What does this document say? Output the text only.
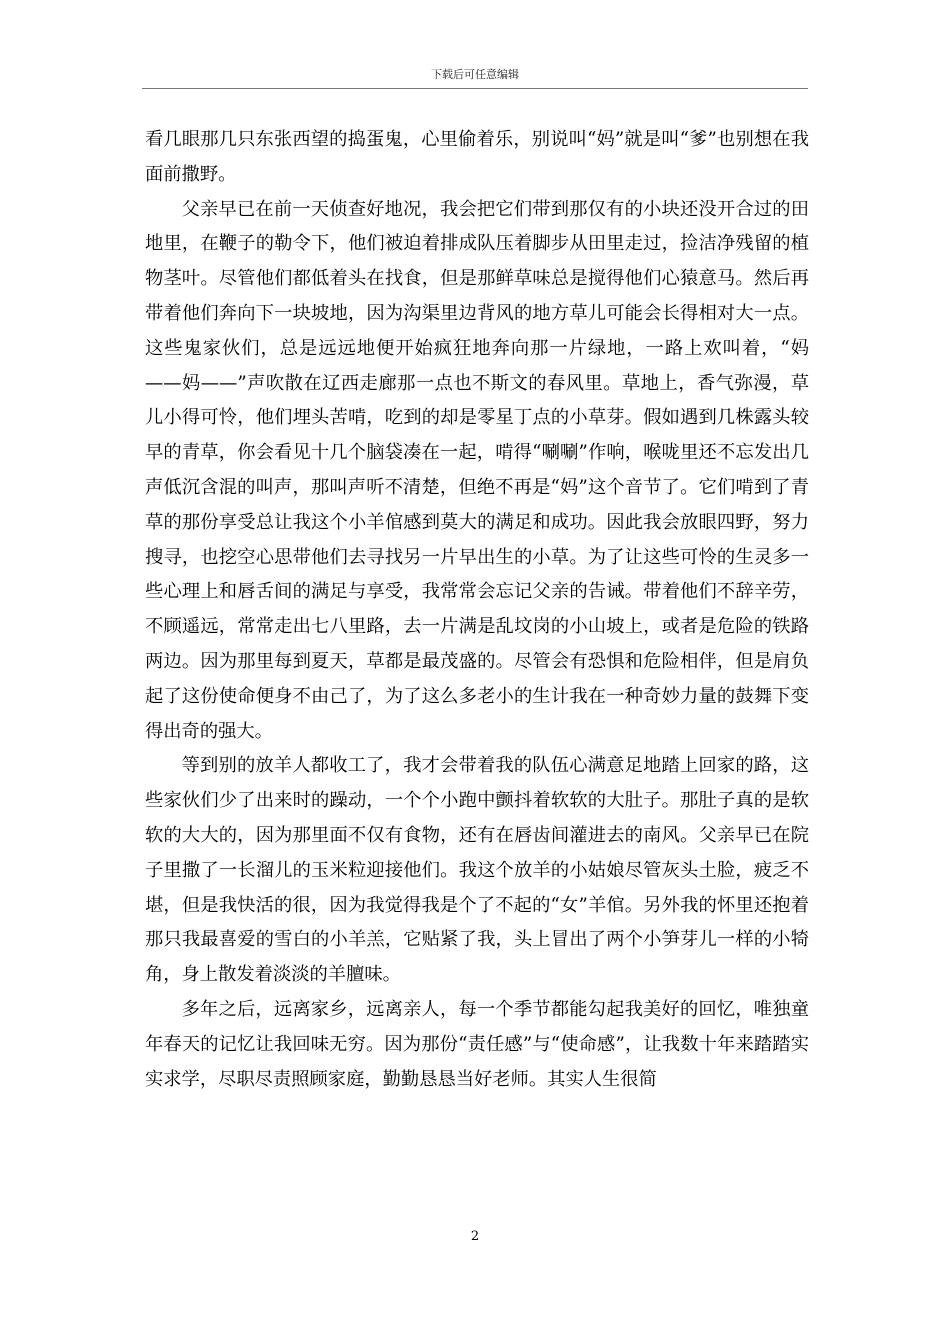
下载后可任意编辑

看几眼那几只东张西望的捣蛋鬼，心里偷着乐，别说叫“妈”就是叫“爹”也别想在我面前撒野。

父亲早已在前一天侦查好地况，我会把它们带到那仅有的小块还没开合过的田地里，在鞭子的勒令下，他们被迫着排成队压着脚步从田里走过，捡洁净残留的植物茎叶。尽管他们都低着头在找食，但是那鲜草味总是搅得他们心猿意马。然后再带着他们奔向下一块坡地，因为沟渠里边背风的地方草儿可能会长得相对大一点。这些鬼家伙们，总是远远地便开始疯狂地奔向那一片绿地，一路上欢叫着，“妈——妈——”声吹散在辽西走廊那一点也不斯文的春风里。草地上，香气弥漫，草儿小得可怜，他们埋头苦啃，吃到的却是零星丁点的小草芽。假如遇到几株露头较早的青草，你会看见十几个脑袋凑在一起，啃得“唰唰”作响，喉咙里还不忘发出几声低沉含混的叫声，那叫声听不清楚，但绝不再是“妈”这个音节了。它们啃到了青草的那份享受总让我这个小羊倌感到莫大的满足和成功。因此我会放眼四野，努力搜寻，也挖空心思带他们去寻找另一片早出生的小草。为了让这些可怜的生灵多一些心理上和唇舌间的满足与享受，我常常会忘记父亲的告诫。带着他们不辞辛劳，不顾遥远，常常走出七八里路，去一片满是乱坟岗的小山坡上，或者是危险的铁路两边。因为那里每到夏天，草都是最茂盛的。尽管会有恐惧和危险相伴，但是肩负起了这份使命便身不由己了，为了这么多老小的生计我在一种奇妙力量的鼓舞下变得出奇的强大。

等到别的放羊人都收工了，我才会带着我的队伍心满意足地踏上回家的路，这些家伙们少了出来时的躁动，一个个小跑中颤抖着软软的大肚子。那肚子真的是软软的大大的，因为那里面不仅有食物，还有在唇齿间灌进去的南风。父亲早已在院子里撒了一长溜儿的玉米粒迎接他们。我这个放羊的小姑娘尽管灰头土脸，疲乏不堪，但是我快活的很，因为我觉得我是个了不起的“女”羊倌。另外我的怀里还抱着那只我最喜爱的雪白的小羊羔，它贴紧了我，头上冒出了两个小笋芽儿一样的小犄角，身上散发着淡淡的羊膻味。

多年之后，远离家乡，远离亲人，每一个季节都能勾起我美好的回忆，唯独童年春天的记忆让我回味无穷。因为那份“责任感”与“使命感”，让我数十年来踏踏实实求学，尽职尽责照顾家庭，勤勤恳恳当好老师。其实人生很简

2
